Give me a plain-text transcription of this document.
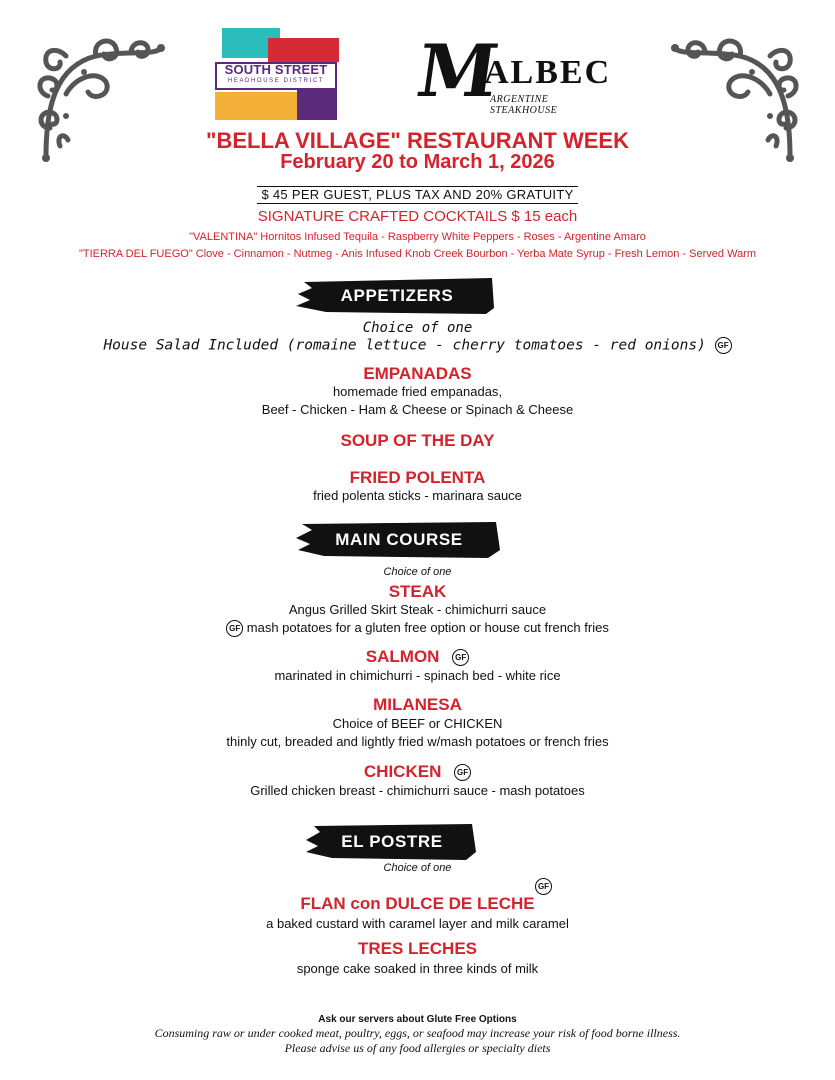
SOUTH STREET
HEADHOUSE DISTRICT M
ALBEC
ARGENTINE STEAKHOUSE
"BELLA VILLAGE" RESTAURANT WEEK
February 20 to March 1, 2026
$ 45 PER GUEST, PLUS TAX AND 20% GRATUITY
SIGNATURE CRAFTED COCKTAILS $ 15 each
"VALENTINA" Hornitos Infused Tequila - Raspberry White Peppers - Roses - Argentine Amaro
"TIERRA DEL FUEGO" Clove - Cinnamon - Nutmeg - Anis Infused Knob Creek Bourbon - Yerba Mate Syrup - Fresh Lemon - Served Warm
APPETIZERS
Choice of one
House Salad Included (romaine lettuce - cherry tomatoes - red onions) GF
EMPANADAS
homemade fried empanadas,
Beef - Chicken - Ham & Cheese or Spinach & Cheese
SOUP OF THE DAY
FRIED POLENTA
fried polenta sticks - marinara sauce
MAIN COURSE
Choice of one
STEAK
Angus Grilled Skirt Steak - chimichurri sauce
GF mash potatoes for a gluten free option or house cut french fries
SALMON GF
marinated in chimichurri - spinach bed - white rice
MILANESA
Choice of BEEF or CHICKEN
thinly cut, breaded and lightly fried w/mash potatoes or french fries
CHICKEN GF
Grilled chicken breast - chimichurri sauce - mash potatoes
EL POSTRE
Choice of one
GF
FLAN con DULCE DE LECHE
a baked custard with caramel layer and milk caramel
TRES LECHES
sponge cake soaked in three kinds of milk
Ask our servers about Glute Free Options
Consuming raw or under cooked meat, poultry, eggs, or seafood may increase your risk of food borne illness.
Please advise us of any food allergies or specialty diets
